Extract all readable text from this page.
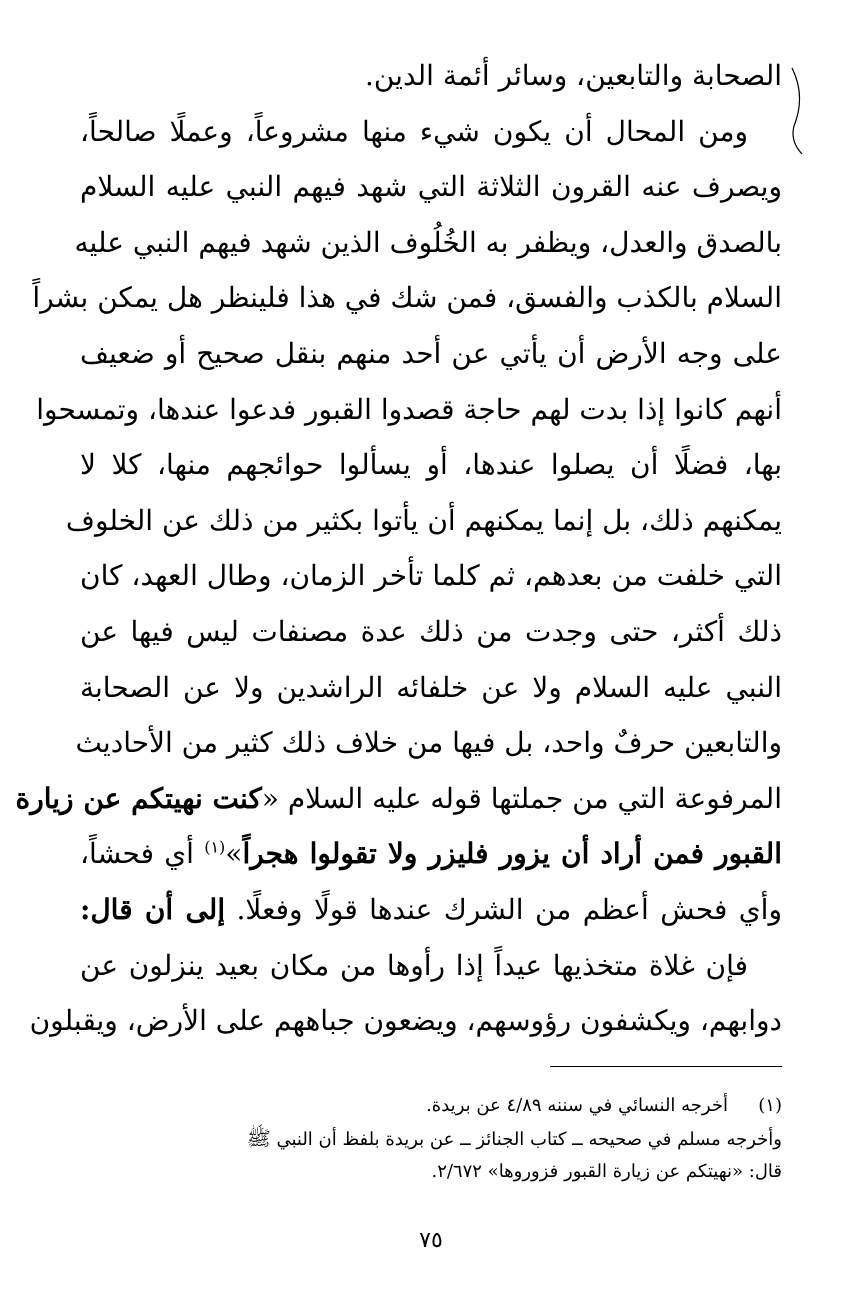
الصحابة والتابعين، وسائر أئمة الدين.
ومن المحال أن يكون شيء منها مشروعاً، وعملًا صالحاً،
ويصرف عنه القرون الثلاثة التي شهد فيهم النبي عليه السلام
بالصدق والعدل، ويظفر به الخُلُوف الذين شهد فيهم النبي عليه
السلام بالكذب والفسق، فمن شك في هذا فلينظر هل يمكن بشراً
على وجه الأرض أن يأتي عن أحد منهم بنقل صحيح أو ضعيف
أنهم كانوا إذا بدت لهم حاجة قصدوا القبور فدعوا عندها، وتمسحوا
بها، فضلًا أن يصلوا عندها، أو يسألوا حوائجهم منها، كلا لا
يمكنهم ذلك، بل إنما يمكنهم أن يأتوا بكثير من ذلك عن الخلوف
التي خلفت من بعدهم، ثم كلما تأخر الزمان، وطال العهد، كان
ذلك أكثر، حتى وجدت من ذلك عدة مصنفات ليس فيها عن
النبي عليه السلام ولا عن خلفائه الراشدين ولا عن الصحابة
والتابعين حرفٌ واحد، بل فيها من خلاف ذلك كثير من الأحاديث
المرفوعة التي من جملتها قوله عليه السلام «كنت نهيتكم عن زيارة
القبور فمن أراد أن يزور فليزر ولا تقولوا هجراً»$^{(١)}$ أي فحشاً،
وأي فحش أعظم من الشرك عندها قولًا وفعلًا. إلى أن قال:
فإن غلاة متخذيها عيداً إذا رأوها من مكان بعيد ينزلون عن
دوابهم، ويكشفون رؤوسهم، ويضعون جباههم على الأرض، ويقبلون
(١)أخرجه النسائي في سننه ٤/٨٩ عن بريدة.
وأخرجه مسلم في صحيحه ــ كتاب الجنائز ــ عن بريدة بلفظ أن النبي ﷺ
قال: «نهيتكم عن زيارة القبور فزوروها» ٢/٦٧٢.
٧٥
